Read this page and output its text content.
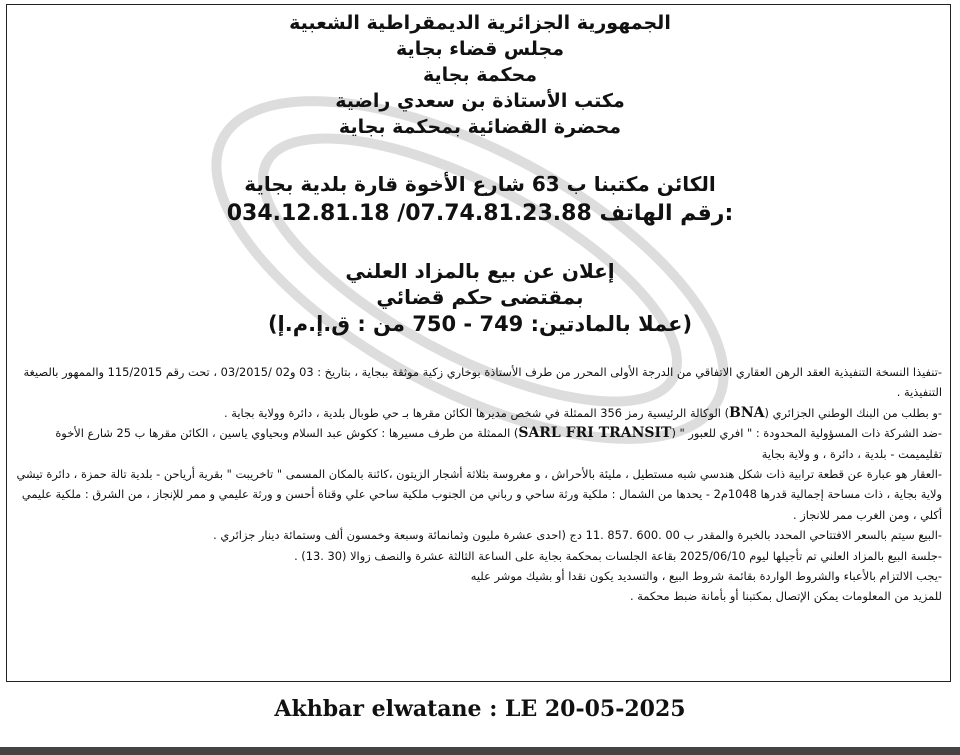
الجمهورية الجزائرية الديمقراطية الشعبية
مجلس قضاء بجاية
محكمة بجاية
مكتب الأستاذة بن سعدي راضية
محضرة القضائية بمحكمة بجاية
الكائن مكتبنا ب 63 شارع الأخوة قارة بلدية بجاية
034.12.81.18 /07.74.81.23.88 رقم الهاتف:
إعلان عن بيع بالمزاد العلني
بمقتضى حكم قضائي
(عملا بالمادتين: 749 - 750 من : ق.إ.م.إ)

-تنفيذا النسخة التنفيذية العقد الرهن العقاري الاتفاقي من الدرجة الأولى المحرر من طرف الأستاذة بوخاري زكية موثقة ببجاية ، بتاريخ : 03 و02 /03/2015 ، تحت رقم 115/2015 والممهور بالصيغة التنفيذية .

-و بطلب من البنك الوطني الجزائري (BNA) الوكالة الرئيسية رمز 356 الممثلة في شخص مديرها الكائن مقرها بـ حي طوبال بلدية ، دائرة وولاية بجاية .

-ضد الشركة ذات المسؤولية المحدودة : " افري للعبور " (SARL FRI TRANSIT) الممثلة من طرف مسيرها : ككوش عبد السلام وبحياوي ياسين ، الكائن مقرها ب 25 شارع الأخوة تقليميمت - بلدية ، دائرة ، و ولاية بجاية

-العقار هو عبارة عن قطعة ترابية ذات شكل هندسي شبه مستطيل ، مليئة بالأحراش ، و مغروسة بثلاثة أشجار الزيتون ،كائنة بالمكان المسمى " تاخريبت " بقرية أرياحن - بلدية تالة حمزة ، دائرة تيشي ولاية بجاية ، ذات مساحة إجمالية قدرها 1048م2 - يحدها من الشمال : ملكية ورثة ساحي و رباني من الجنوب ملكية ساحي علي وقناة أحسن و ورثة عليمي و ممر للإنجاز ، من الشرق : ملكية عليمي أكلي ، ومن الغرب ممر للانجاز .

-البيع سيتم بالسعر الافتتاحي المحدد بالخبرة والمقدر ب 00 .600 .857 .11 دج (احدى عشرة مليون وثمانمائة وسبعة وخمسون ألف وستمائة دينار جزائري .

-جلسة البيع بالمزاد العلني تم تأجيلها ليوم 2025/06/10 بقاعة الجلسات بمحكمة بجاية على الساعة الثالثة عشرة والنصف زوالا (30 .13) .

-يجب الالتزام بالأعباء والشروط الواردة بقائمة شروط البيع ، والتسديد يكون نقدا أو بشيك موشر عليه

للمزيد من المعلومات يمكن الإتصال بمكتبنا أو بأمانة ضبط محكمة .

Akhbar elwatane : LE 20-05-2025
